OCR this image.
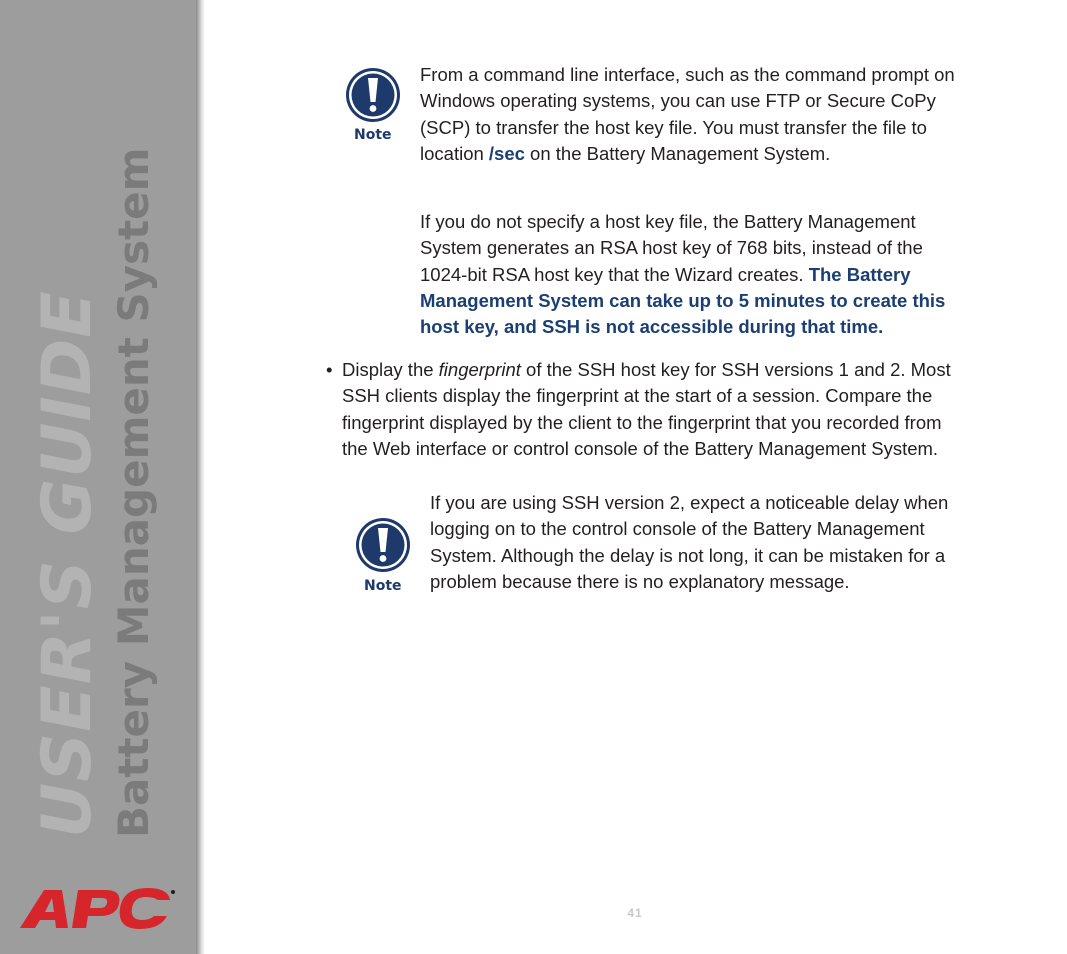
USER'S GUIDE Battery Management System
Note

From a command line interface, such as the command prompt on Windows operating systems, you can use FTP or Secure CoPy (SCP) to transfer the host key file. You must transfer the file to location /sec on the Battery Management System.

If you do not specify a host key file, the Battery Management System generates an RSA host key of 768 bits, instead of the 1024-bit RSA host key that the Wizard creates. The Battery Management System can take up to 5 minutes to create this host key, and SSH is not accessible during that time.

• Display the fingerprint of the SSH host key for SSH versions 1 and 2. Most SSH clients display the fingerprint at the start of a session. Compare the fingerprint displayed by the client to the fingerprint that you recorded from the Web interface or control console of the Battery Management System.

Note

If you are using SSH version 2, expect a noticeable delay when logging on to the control console of the Battery Management System. Although the delay is not long, it can be mistaken for a problem because there is no explanatory message.

41
